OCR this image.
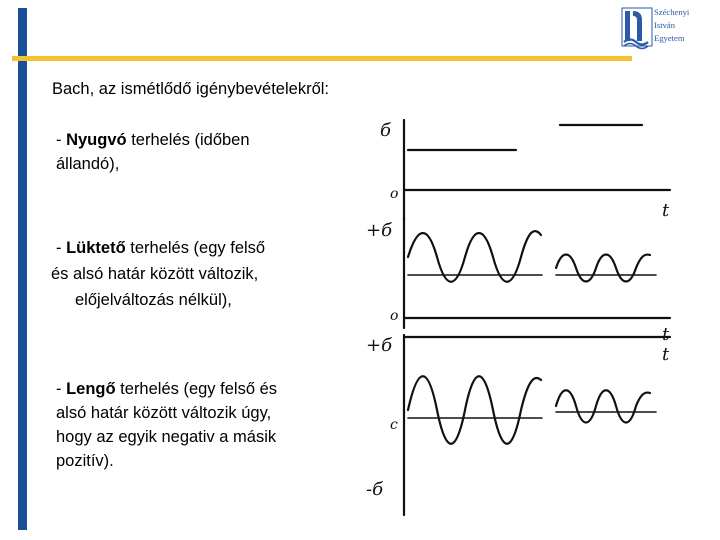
Széchenyi
István
Egyetem
Bach, az ismétlődő igénybevételekről:
- Nyugvó terhelés (időben
állandó),
- Lüktető terhelés (egy felső
és alsó határ között változik,
előjelváltozás nélkül),
- Lengő terhelés (egy felső és
alsó határ között változik úgy,
hogy az egyik negativ a másik
pozitív).
б
o
t
+б
o
t
+б
c
-б
t
